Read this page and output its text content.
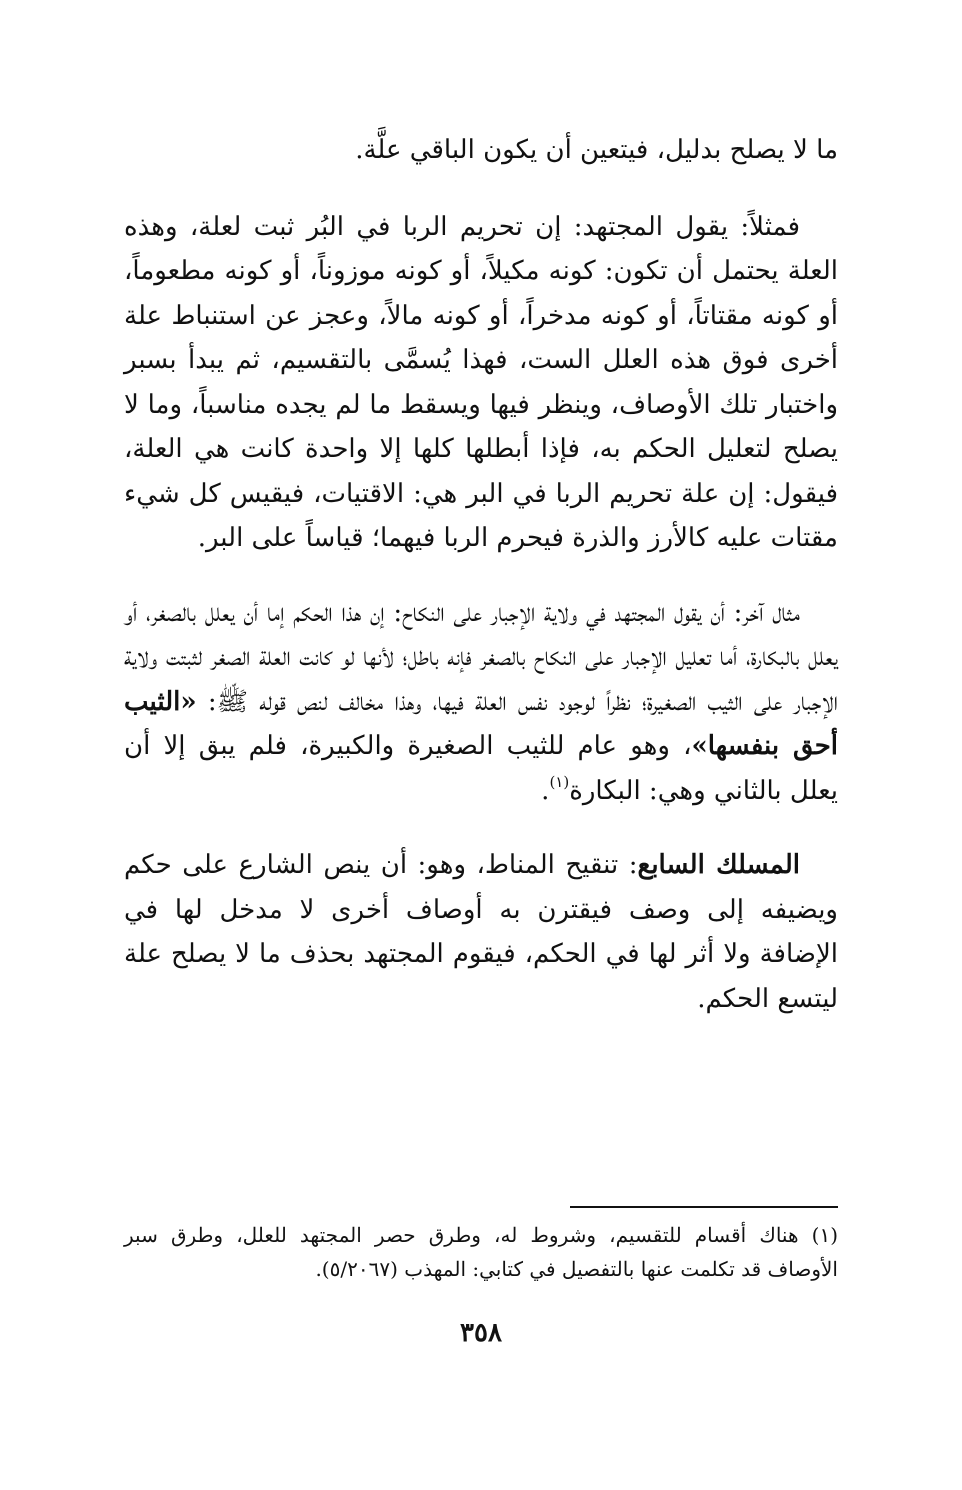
ما لا يصلح بدليل، فيتعين أن يكون الباقي علَّة.

فمثلاً: يقول المجتهد: إن تحريم الربا في البُر ثبت لعلة، وهذه العلة يحتمل أن تكون: كونه مكيلاً، أو كونه موزوناً، أو كونه مطعوماً، أو كونه مقتاتاً، أو كونه مدخراً، أو كونه مالاً، وعجز عن استنباط علة أخرى فوق هذه العلل الست، فهذا يُسمَّى بالتقسيم، ثم يبدأ بسبر واختبار تلك الأوصاف، وينظر فيها ويسقط ما لم يجده مناسباً، وما لا يصلح لتعليل الحكم به، فإذا أبطلها كلها إلا واحدة كانت هي العلة، فيقول: إن علة تحريم الربا في البر هي: الاقتيات، فيقيس كل شيء مقتات عليه كالأرز والذرة فيحرم الربا فيهما؛ قياساً على البر.

مثال آخر: أن يقول المجتهد في ولاية الإجبار على النكاح: إن هذا الحكم إما أن يعلل بالصغر، أو يعلل بالبكارة، أما تعليل الإجبار على النكاح بالصغر فإنه باطل؛ لأنها لو كانت العلة الصغر لثبتت ولاية الإجبار على الثيب الصغيرة؛ نظراً لوجود نفس العلة فيها، وهذا مخالف لنص قوله ﷺ: «الثيب أحق بنفسها»، وهو عام للثيب الصغيرة والكبيرة، فلم يبق إلا أن يعلل بالثاني وهي: البكارة$^{(١)}$.

المسلك السابع: تنقيح المناط، وهو: أن ينص الشارع على حكم ويضيفه إلى وصف فيقترن به أوصاف أخرى لا مدخل لها في الإضافة ولا أثر لها في الحكم، فيقوم المجتهد بحذف ما لا يصلح علة ليتسع الحكم.

(١) هناك أقسام للتقسيم، وشروط له، وطرق حصر المجتهد للعلل، وطرق سبر الأوصاف قد تكلمت عنها بالتفصيل في كتابي: المهذب (٥/٢٠٦٧).

٣٥٨
